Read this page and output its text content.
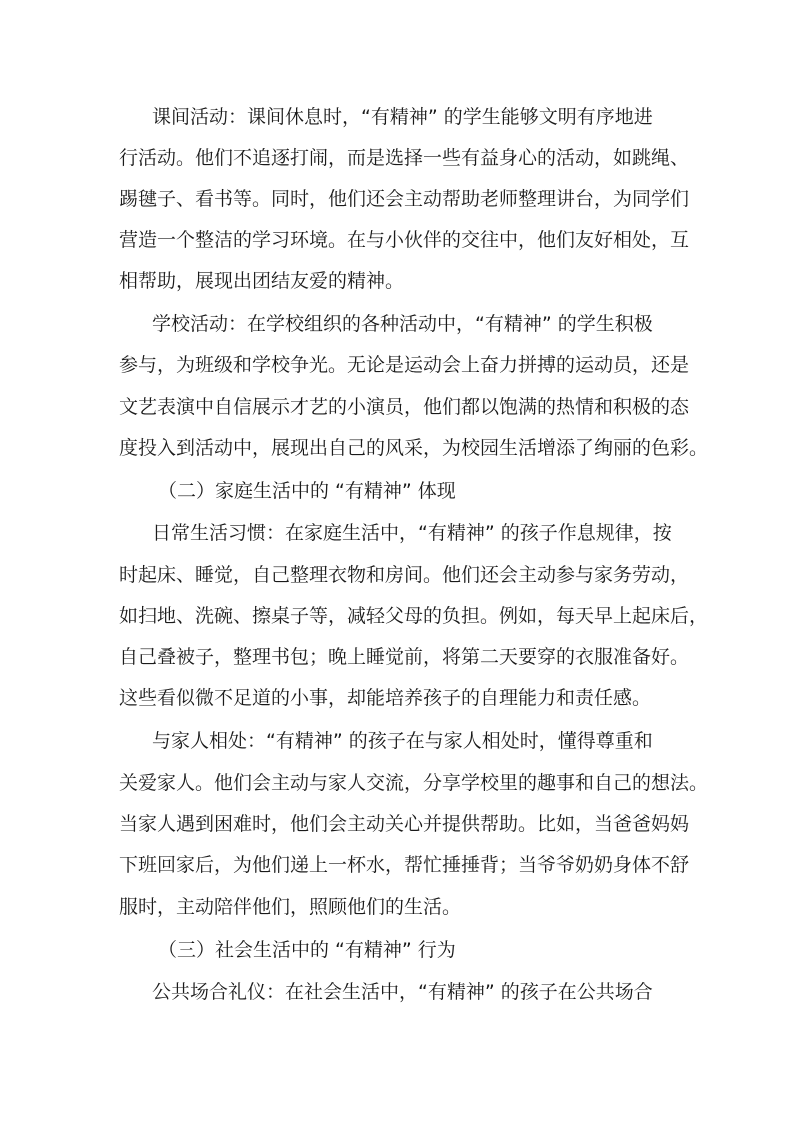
课间活动：课间休息时，“有精神” 的学生能够文明有序地进
行活动。他们不追逐打闹，而是选择一些有益身心的活动，如跳绳、
踢毽子、看书等。同时，他们还会主动帮助老师整理讲台，为同学们
营造一个整洁的学习环境。在与小伙伴的交往中，他们友好相处，互
相帮助，展现出团结友爱的精神。
学校活动：在学校组织的各种活动中，“有精神” 的学生积极
参与，为班级和学校争光。无论是运动会上奋力拼搏的运动员，还是
文艺表演中自信展示才艺的小演员，他们都以饱满的热情和积极的态
度投入到活动中，展现出自己的风采，为校园生活增添了绚丽的色彩。
（二）家庭生活中的 “有精神” 体现
日常生活习惯：在家庭生活中，“有精神” 的孩子作息规律，按
时起床、睡觉，自己整理衣物和房间。他们还会主动参与家务劳动，
如扫地、洗碗、擦桌子等，减轻父母的负担。例如，每天早上起床后，
自己叠被子，整理书包；晚上睡觉前，将第二天要穿的衣服准备好。
这些看似微不足道的小事，却能培养孩子的自理能力和责任感。
与家人相处：“有精神” 的孩子在与家人相处时，懂得尊重和
关爱家人。他们会主动与家人交流，分享学校里的趣事和自己的想法。
当家人遇到困难时，他们会主动关心并提供帮助。比如，当爸爸妈妈
下班回家后，为他们递上一杯水，帮忙捶捶背；当爷爷奶奶身体不舒
服时，主动陪伴他们，照顾他们的生活。
（三）社会生活中的 “有精神” 行为
公共场合礼仪：在社会生活中，“有精神” 的孩子在公共场合
